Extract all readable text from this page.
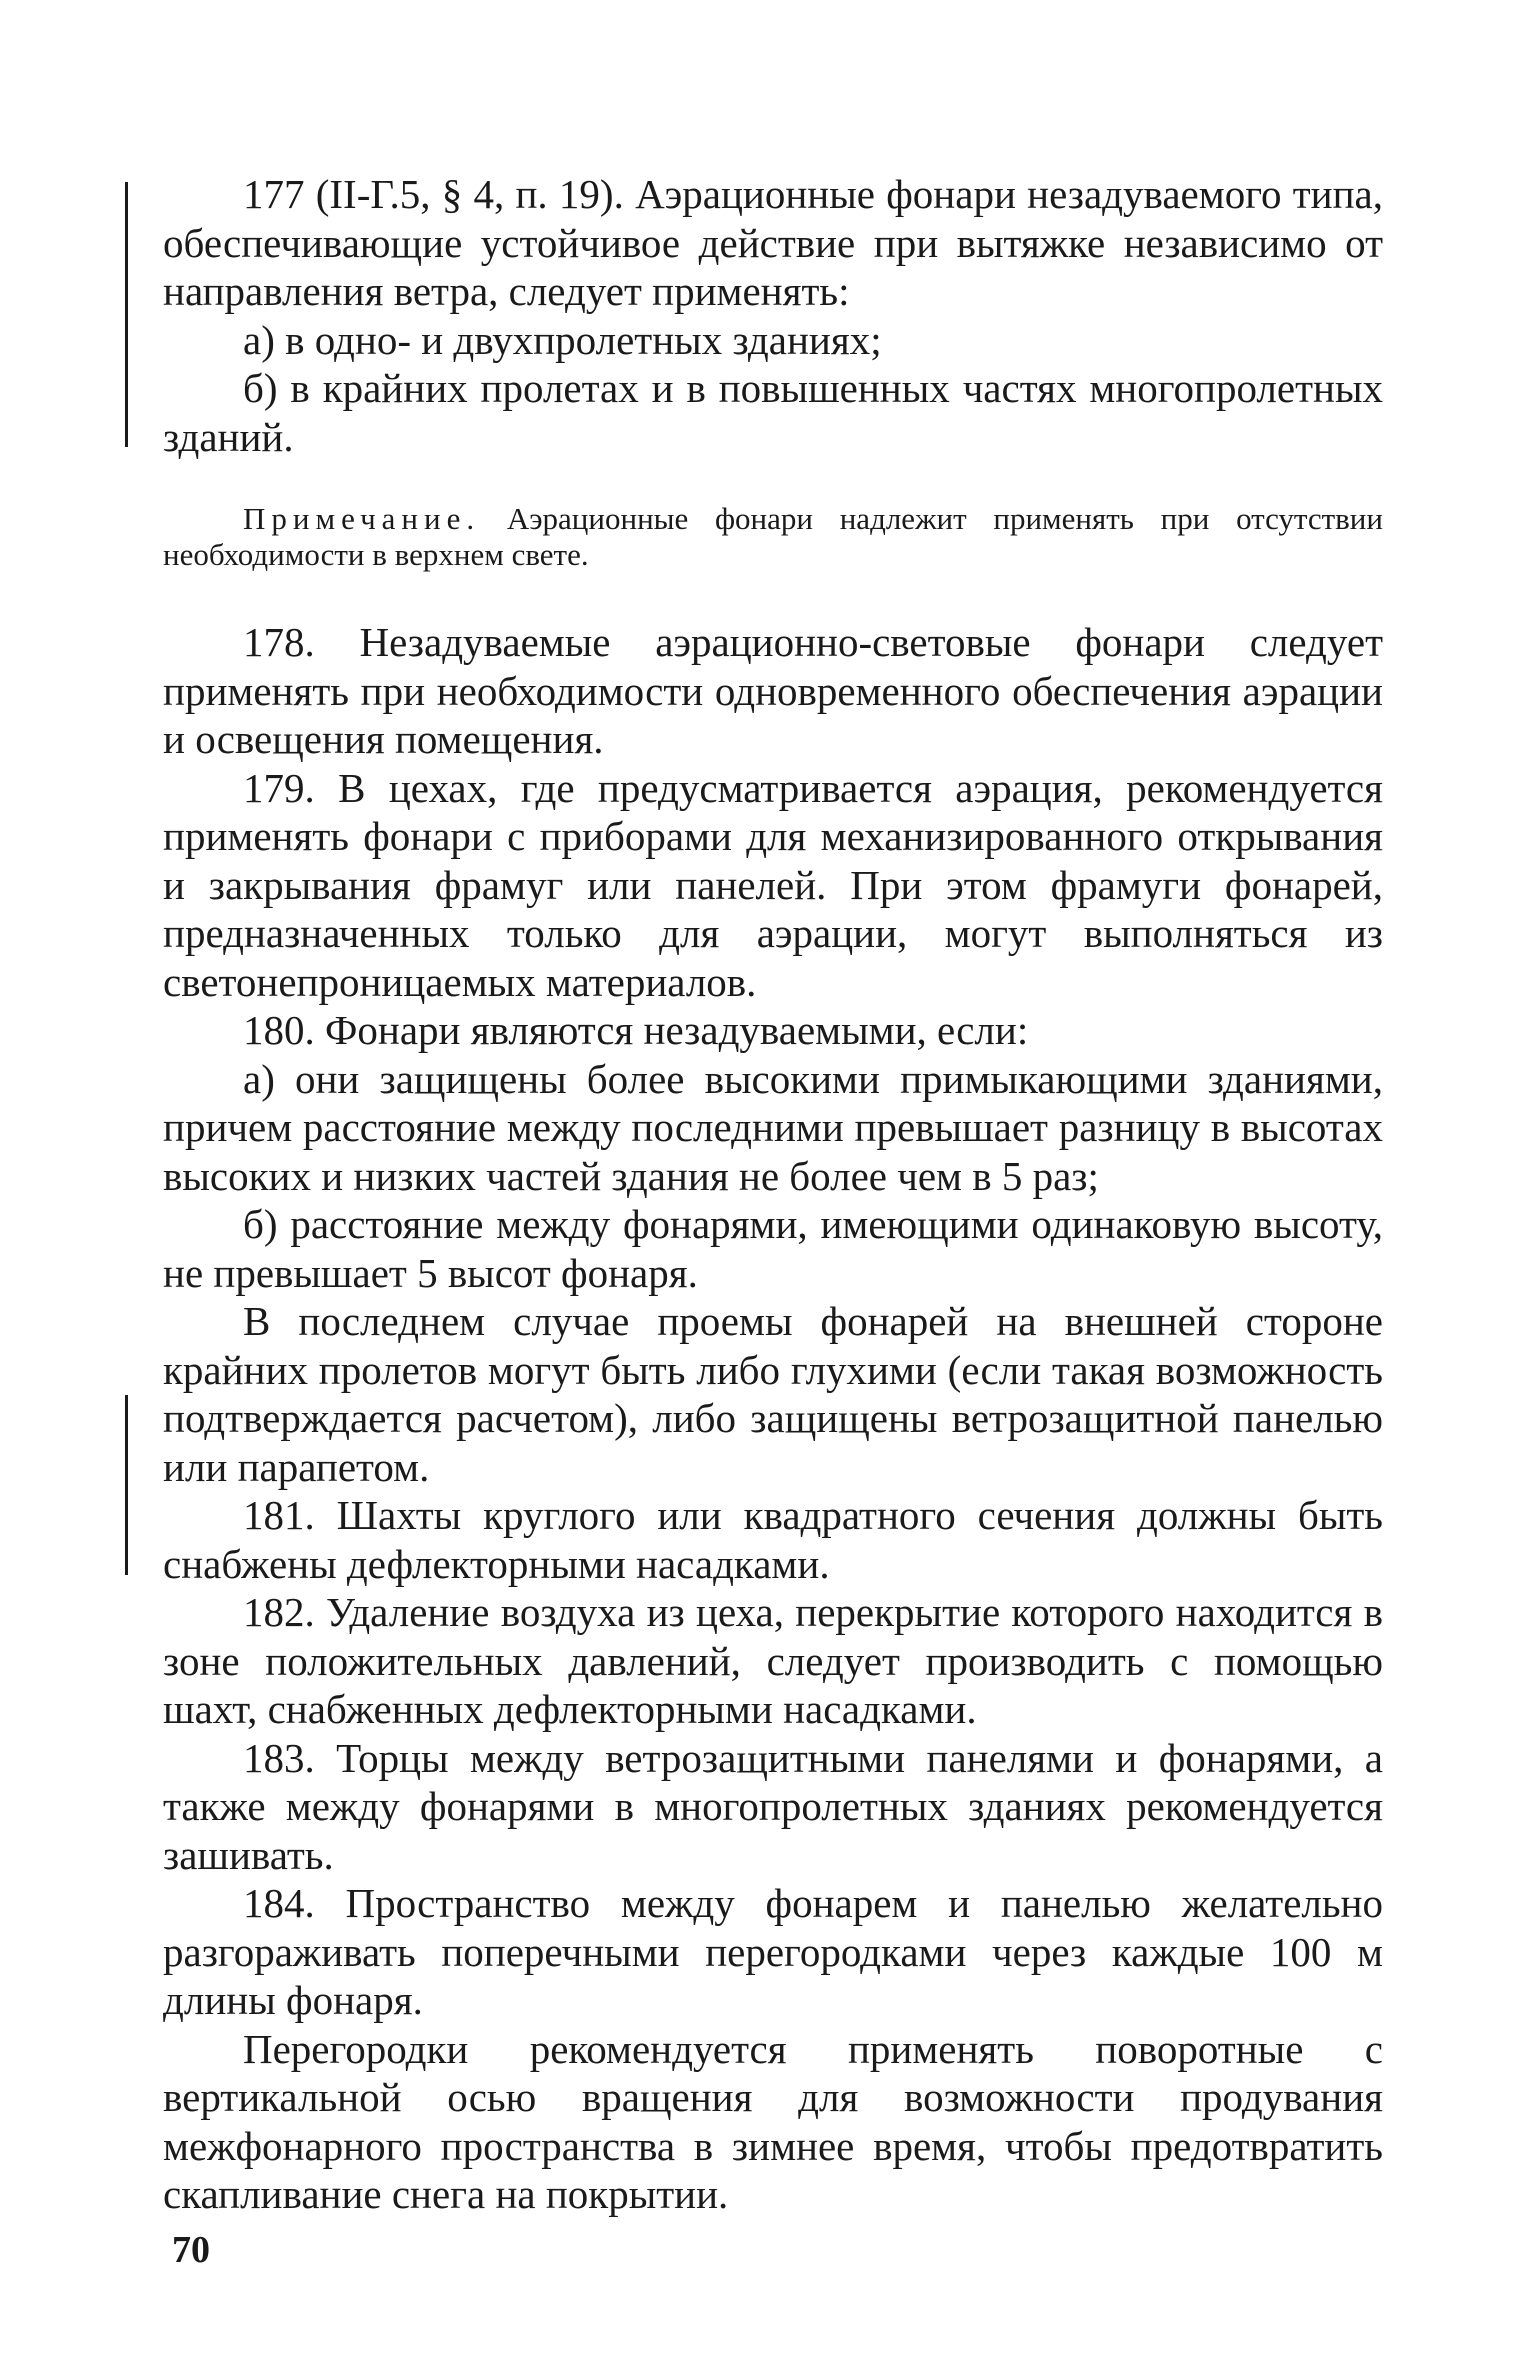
177 (II-Г.5, § 4, п. 19). Аэрационные фонари незадуваемого типа, обеспечивающие устойчивое действие при вытяжке независимо от направления ветра, следует применять:

а) в одно- и двухпролетных зданиях;

б) в крайних пролетах и в повышенных частях многопролетных зданий.

Примечание. Аэрационные фонари надлежит применять при отсутствии необходимости в верхнем свете.

178. Незадуваемые аэрационно-световые фонари следует применять при необходимости одновременного обеспечения аэрации и освещения помещения.

179. В цехах, где предусматривается аэрация, рекомендуется применять фонари с приборами для механизированного открывания и закрывания фрамуг или панелей. При этом фрамуги фонарей, предназначенных только для аэрации, могут выполняться из светонепроницаемых материалов.

180. Фонари являются незадуваемыми, если:

а) они защищены более высокими примыкающими зданиями, причем расстояние между последними превышает разницу в высотах высоких и низких частей здания не более чем в 5 раз;

б) расстояние между фонарями, имеющими одинаковую высоту, не превышает 5 высот фонаря.

В последнем случае проемы фонарей на внешней стороне крайних пролетов могут быть либо глухими (если такая возможность подтверждается расчетом), либо защищены ветрозащитной панелью или парапетом.

181. Шахты круглого или квадратного сечения должны быть снабжены дефлекторными насадками.

182. Удаление воздуха из цеха, перекрытие которого находится в зоне положительных давлений, следует производить с помощью шахт, снабженных дефлекторными насадками.

183. Торцы между ветрозащитными панелями и фонарями, а также между фонарями в многопролетных зданиях рекомендуется зашивать.

184. Пространство между фонарем и панелью желательно разгораживать поперечными перегородками через каждые 100 м длины фонаря.

Перегородки рекомендуется применять поворотные с вертикальной осью вращения для возможности продувания межфонарного пространства в зимнее время, чтобы предотвратить скапливание снега на покрытии.

70
